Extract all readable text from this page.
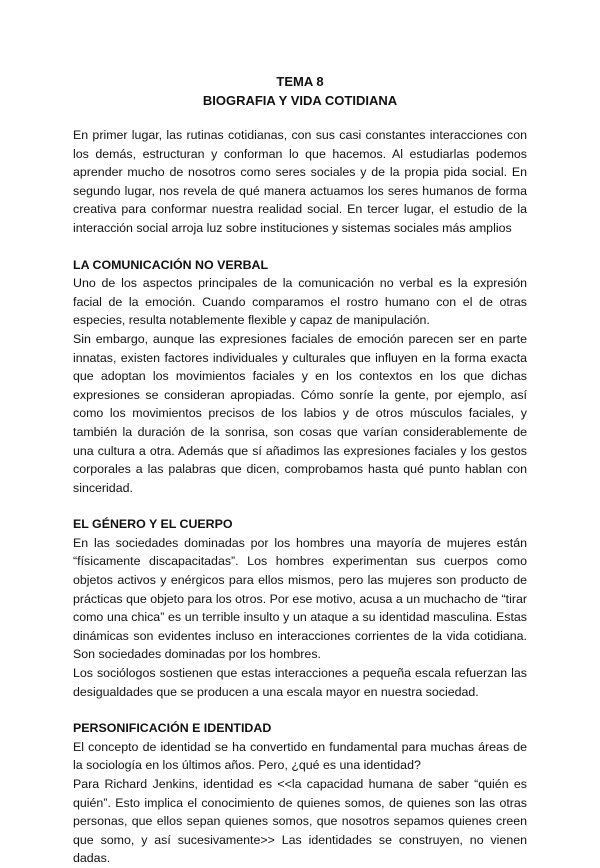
TEMA 8
BIOGRAFIA Y VIDA COTIDIANA

En primer lugar, las rutinas cotidianas, con sus casi constantes interacciones con los demás, estructuran y conforman lo que hacemos. Al estudiarlas podemos aprender mucho de nosotros como seres sociales y de la propia pida social. En segundo lugar, nos revela de qué manera actuamos los seres humanos de forma creativa para conformar nuestra realidad social. En tercer lugar, el estudio de la interacción social arroja luz sobre instituciones y sistemas sociales más amplios

LA COMUNICACIÓN NO VERBAL

Uno de los aspectos principales de la comunicación no verbal es la expresión facial de la emoción. Cuando comparamos el rostro humano con el de otras especies, resulta notablemente flexible y capaz de manipulación.

Sin embargo, aunque las expresiones faciales de emoción parecen ser en parte innatas, existen factores individuales y culturales que influyen en la forma exacta que adoptan los movimientos faciales y en los contextos en los que dichas expresiones se consideran apropiadas. Cómo sonríe la gente, por ejemplo, así como los movimientos precisos de los labios y de otros músculos faciales, y también la duración de la sonrisa, son cosas que varían considerablemente de una cultura a otra. Además que sí añadimos las expresiones faciales y los gestos corporales a las palabras que dicen, comprobamos hasta qué punto hablan con sinceridad.

EL GÉNERO Y EL CUERPO

En las sociedades dominadas por los hombres una mayoría de mujeres están “físicamente discapacitadas”. Los hombres experimentan sus cuerpos como objetos activos y enérgicos para ellos mismos, pero las mujeres son producto de prácticas que objeto para los otros. Por ese motivo, acusa a un muchacho de “tirar como una chica” es un terrible insulto y un ataque a su identidad masculina. Estas dinámicas son evidentes incluso en interacciones corrientes de la vida cotidiana. Son sociedades dominadas por los hombres.

Los sociólogos sostienen que estas interacciones a pequeña escala refuerzan las desigualdades que se producen a una escala mayor en nuestra sociedad.

PERSONIFICACIÓN E IDENTIDAD

El concepto de identidad se ha convertido en fundamental para muchas áreas de la sociología en los últimos años. Pero, ¿qué es una identidad?

Para Richard Jenkins, identidad es <<la capacidad humana de saber “quién es quién”. Esto implica el conocimiento de quienes somos, de quienes son las otras personas, que ellos sepan quienes somos, que nosotros sepamos quienes creen que somo, y así sucesivamente>> Las identidades se construyen, no vienen dadas.
